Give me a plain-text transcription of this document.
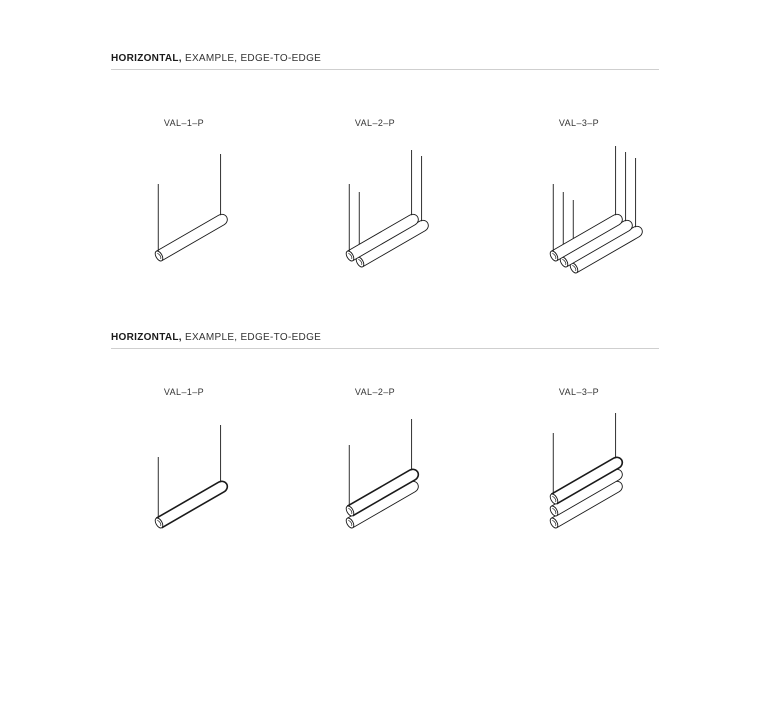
HORIZONTAL, EXAMPLE, EDGE-TO-EDGE
VAL–1–P	VAL–2–P	VAL–3–P
HORIZONTAL, EXAMPLE, EDGE-TO-EDGE
VAL–1–P	VAL–2–P	VAL–3–P
